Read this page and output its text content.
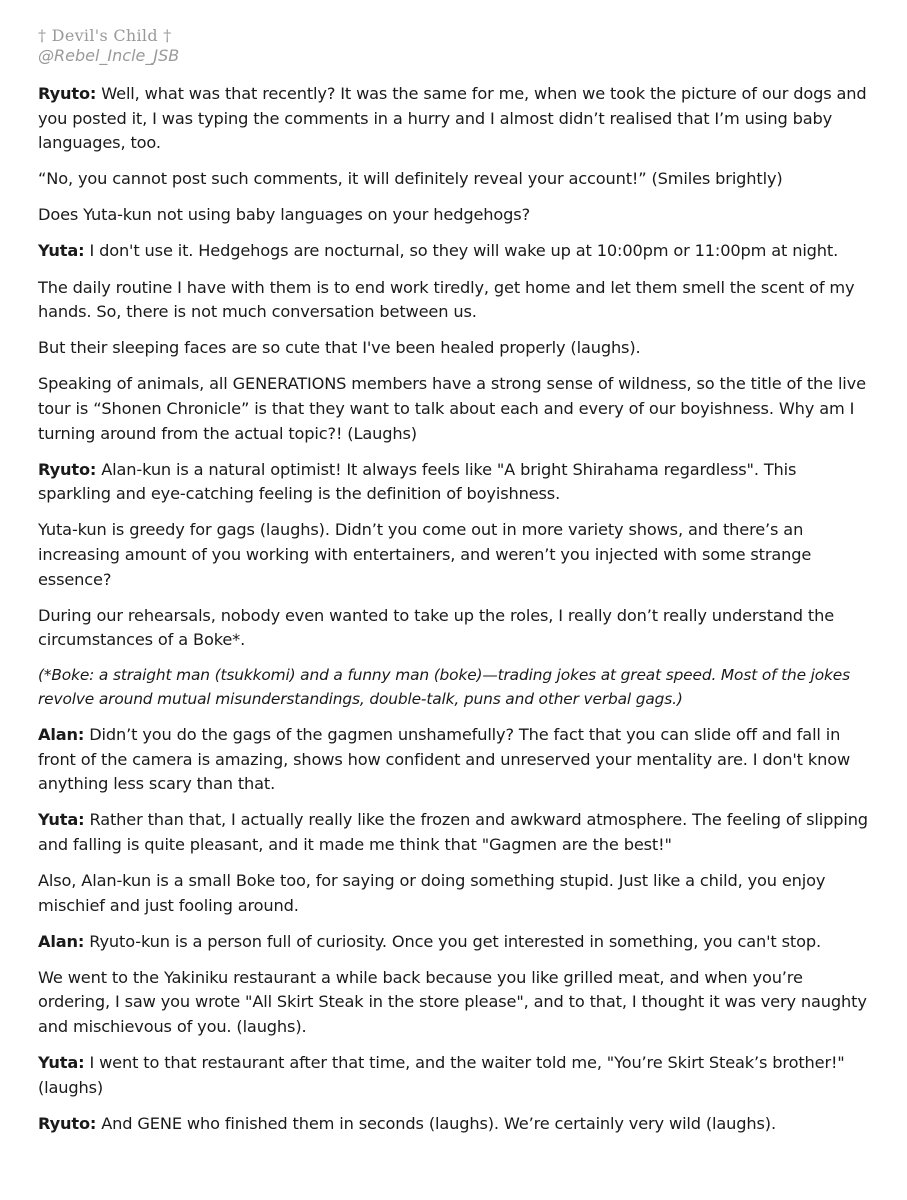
† Devil's Child †
@Rebel_Incle_JSB

Ryuto: Well, what was that recently? It was the same for me, when we took the picture of our dogs and you posted it, I was typing the comments in a hurry and I almost didn’t realised that I’m using baby languages, too.

“No, you cannot post such comments, it will definitely reveal your account!” (Smiles brightly)

Does Yuta-kun not using baby languages on your hedgehogs?

Yuta: I don't use it. Hedgehogs are nocturnal, so they will wake up at 10:00pm or 11:00pm at night.

The daily routine I have with them is to end work tiredly, get home and let them smell the scent of my hands. So, there is not much conversation between us.

But their sleeping faces are so cute that I've been healed properly (laughs).

Speaking of animals, all GENERATIONS members have a strong sense of wildness, so the title of the live tour is “Shonen Chronicle” is that they want to talk about each and every of our boyishness. Why am I turning around from the actual topic?! (Laughs)

Ryuto: Alan-kun is a natural optimist! It always feels like "A bright Shirahama regardless". This sparkling and eye-catching feeling is the definition of boyishness.

Yuta-kun is greedy for gags (laughs). Didn’t you come out in more variety shows, and there’s an increasing amount of you working with entertainers, and weren’t you injected with some strange essence?

During our rehearsals, nobody even wanted to take up the roles, I really don’t really understand the circumstances of a Boke*.

(*Boke: a straight man (tsukkomi) and a funny man (boke)—trading jokes at great speed. Most of the jokes revolve around mutual misunderstandings, double-talk, puns and other verbal gags.)

Alan: Didn’t you do the gags of the gagmen unshamefully? The fact that you can slide off and fall in front of the camera is amazing, shows how confident and unreserved your mentality are. I don't know anything less scary than that.

Yuta: Rather than that, I actually really like the frozen and awkward atmosphere. The feeling of slipping and falling is quite pleasant, and it made me think that "Gagmen are the best!"

Also, Alan-kun is a small Boke too, for saying or doing something stupid. Just like a child, you enjoy mischief and just fooling around.

Alan: Ryuto-kun is a person full of curiosity. Once you get interested in something, you can't stop.

We went to the Yakiniku restaurant a while back because you like grilled meat, and when you’re ordering, I saw you wrote "All Skirt Steak in the store please", and to that, I thought it was very naughty and mischievous of you. (laughs).

Yuta: I went to that restaurant after that time, and the waiter told me, "You’re Skirt Steak’s brother!" (laughs)

Ryuto: And GENE who finished them in seconds (laughs). We’re certainly very wild (laughs).
